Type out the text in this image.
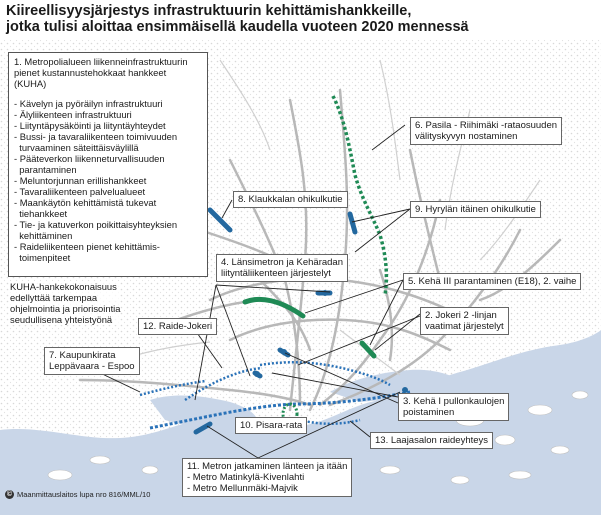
Kiireellisyysjärjestys infrastruktuurin kehittämishankkeille,
jotka tulisi aloittaa ensimmäisellä kaudella vuoteen 2020 mennessä
1. Metropolialueen liikenneinfrastruktuurin
pienet kustannustehokkaat hankkeet
(KUHA)
- Kävelyn ja pyöräilyn infrastruktuuri
- Älyliikenteen infrastruktuuri
- Liityntäpysäköinti ja liityntäyhteydet
- Bussi- ja tavaraliikenteen toimivuuden
turvaaminen säteittäisväylillä
- Pääteverkon liikenneturvallisuuden
parantaminen
- Meluntorjunnan erillishankkeet
- Tavaraliikenteen palvelualueet
- Maankäytön kehittämistä tukevat
tiehankkeet
- Tie- ja katuverkon poikittaisyhteyksien
kehittäminen
- Raideliikenteen pienet kehittämis-
toimenpiteet
KUHA-hankekokonaisuus
edellyttää tarkempaa
ohjelmointia ja priorisointia
seudullisena yhteistyönä
6. Pasila - Riihimäki -rataosuuden
välityskyvyn nostaminen
8. Klaukkalan ohikulkutie
9. Hyrylän itäinen ohikulkutie
4. Länsimetron ja Kehäradan
liityntäliikenteen järjestelyt
5. Kehä III parantaminen (E18), 2. vaihe
2. Jokeri 2 -linjan
vaatimat järjestelyt
12. Raide-Jokeri
7. Kaupunkirata
Leppävaara - Espoo
3. Kehä I pullonkaulojen
poistaminen
10. Pisara-rata
13. Laajasalon raideyhteys
11. Metron jatkaminen länteen ja itään
- Metro Matinkylä-Kivenlahti
- Metro Mellunmäki-Majvik
© Maanmittauslaitos lupa nro 816/MML/10
